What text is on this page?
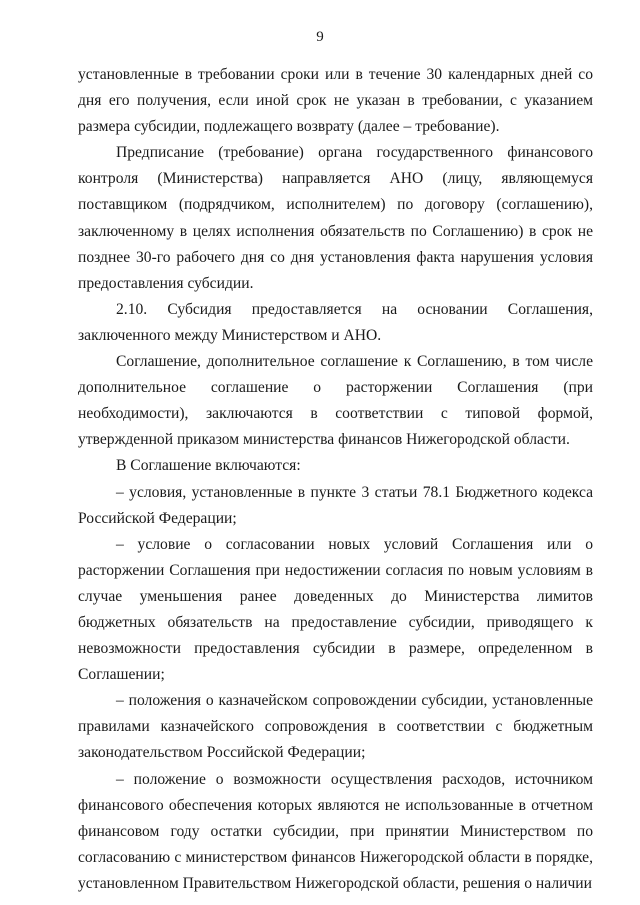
9

установленные в требовании сроки или в течение 30 календарных дней со дня его получения, если иной срок не указан в требовании, с указанием размера субсидии, подлежащего возврату (далее – требование).

Предписание (требование) органа государственного финансового контроля (Министерства) направляется АНО (лицу, являющемуся поставщиком (подрядчиком, исполнителем) по договору (соглашению), заключенному в целях исполнения обязательств по Соглашению) в срок не позднее 30-го рабочего дня со дня установления факта нарушения условия предоставления субсидии.

2.10. Субсидия предоставляется на основании Соглашения, заключенного между Министерством и АНО.

Соглашение, дополнительное соглашение к Соглашению, в том числе дополнительное соглашение о расторжении Соглашения (при необходимости), заключаются в соответствии с типовой формой, утвержденной приказом министерства финансов Нижегородской области.

В Соглашение включаются:

– условия, установленные в пункте 3 статьи 78.1 Бюджетного кодекса Российской Федерации;

– условие о согласовании новых условий Соглашения или о расторжении Соглашения при недостижении согласия по новым условиям в случае уменьшения ранее доведенных до Министерства лимитов бюджетных обязательств на предоставление субсидии, приводящего к невозможности предоставления субсидии в размере, определенном в Соглашении;

– положения о казначейском сопровождении субсидии, установленные правилами казначейского сопровождения в соответствии с бюджетным законодательством Российской Федерации;

– положение о возможности осуществления расходов, источником финансового обеспечения которых являются не использованные в отчетном финансовом году остатки субсидии, при принятии Министерством по согласованию с министерством финансов Нижегородской области в порядке, установленном Правительством Нижегородской области, решения о наличии
